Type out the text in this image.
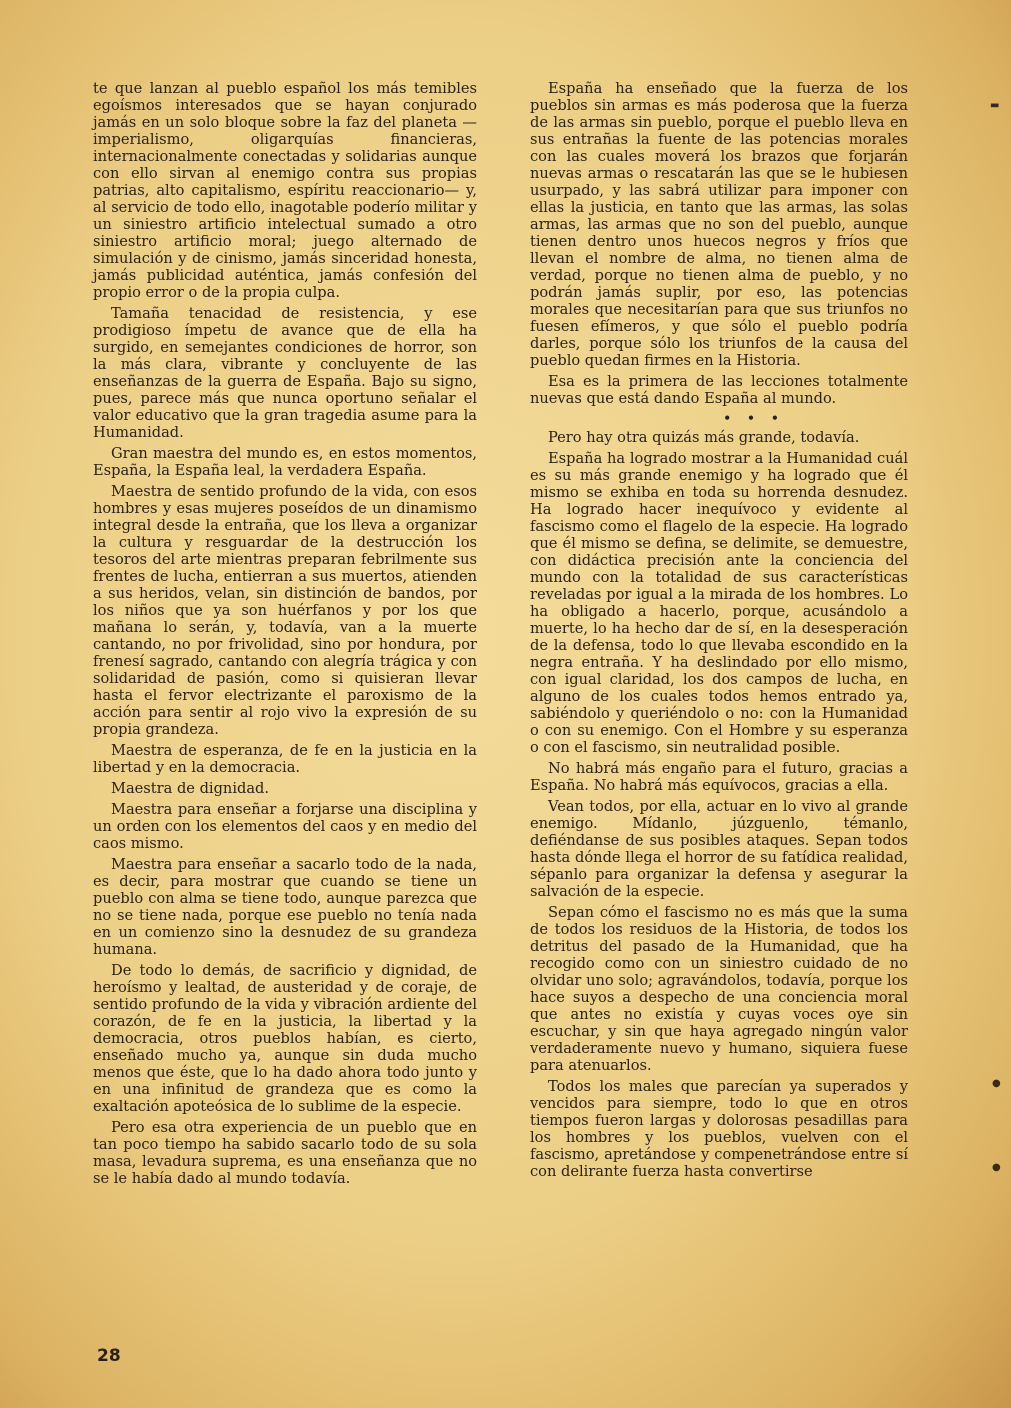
te que lanzan al pueblo español los más temibles egoísmos interesados que se hayan conjurado jamás en un solo bloque sobre la faz del planeta —imperialismo, oligarquías financieras, internacionalmente conectadas y solidarias aunque con ello sirvan al enemigo contra sus propias patrias, alto capitalismo, espíritu reaccionario— y, al servicio de todo ello, inagotable poderío militar y un siniestro artificio intelectual sumado a otro siniestro artificio moral; juego alternado de simulación y de cinismo, jamás sinceridad honesta, jamás publicidad auténtica, jamás confesión del propio error o de la propia culpa.

Tamaña tenacidad de resistencia, y ese prodigioso ímpetu de avance que de ella ha surgido, en semejantes condiciones de horror, son la más clara, vibrante y concluyente de las enseñanzas de la guerra de España. Bajo su signo, pues, parece más que nunca oportuno señalar el valor educativo que la gran tragedia asume para la Humanidad.

Gran maestra del mundo es, en estos momentos, España, la España leal, la verdadera España.

Maestra de sentido profundo de la vida, con esos hombres y esas mujeres poseídos de un dinamismo integral desde la entraña, que los lleva a organizar la cultura y resguardar de la destrucción los tesoros del arte mientras preparan febrilmente sus frentes de lucha, entierran a sus muertos, atienden a sus heridos, velan, sin distinción de bandos, por los niños que ya son huérfanos y por los que mañana lo serán, y, todavía, van a la muerte cantando, no por frivolidad, sino por hondura, por frenesí sagrado, cantando con alegría trágica y con solidaridad de pasión, como si quisieran llevar hasta el fervor electrizante el paroxismo de la acción para sentir al rojo vivo la expresión de su propia grandeza.

Maestra de esperanza, de fe en la justicia en la libertad y en la democracia.

Maestra de dignidad.

Maestra para enseñar a forjarse una disciplina y un orden con los elementos del caos y en medio del caos mismo.

Maestra para enseñar a sacarlo todo de la nada, es decir, para mostrar que cuando se tiene un pueblo con alma se tiene todo, aunque parezca que no se tiene nada, porque ese pueblo no tenía nada en un comienzo sino la desnudez de su grandeza humana.

De todo lo demás, de sacrificio y dignidad, de heroísmo y lealtad, de austeridad y de coraje, de sentido profundo de la vida y vibración ardiente del corazón, de fe en la justicia, la libertad y la democracia, otros pueblos habían, es cierto, enseñado mucho ya, aunque sin duda mucho menos que éste, que lo ha dado ahora todo junto y en una infinitud de grandeza que es como la exaltación apoteósica de lo sublime de la especie.

Pero esa otra experiencia de un pueblo que en tan poco tiempo ha sabido sacarlo todo de su sola masa, levadura suprema, es una enseñanza que no se le había dado al mundo todavía.

España ha enseñado que la fuerza de los pueblos sin armas es más poderosa que la fuerza de las armas sin pueblo, porque el pueblo lleva en sus entrañas la fuente de las potencias morales con las cuales moverá los brazos que forjarán nuevas armas o rescatarán las que se le hubiesen usurpado, y las sabrá utilizar para imponer con ellas la justicia, en tanto que las armas, las solas armas, las armas que no son del pueblo, aunque tienen dentro unos huecos negros y fríos que llevan el nombre de alma, no tienen alma de verdad, porque no tienen alma de pueblo, y no podrán jamás suplir, por eso, las potencias morales que necesitarían para que sus triunfos no fuesen efímeros, y que sólo el pueblo podría darles, porque sólo los triunfos de la causa del pueblo quedan firmes en la Historia.

Esa es la primera de las lecciones totalmente nuevas que está dando España al mundo.

• • •

Pero hay otra quizás más grande, todavía.

España ha logrado mostrar a la Humanidad cuál es su más grande enemigo y ha logrado que él mismo se exhiba en toda su horrenda desnudez. Ha logrado hacer inequívoco y evidente al fascismo como el flagelo de la especie. Ha logrado que él mismo se defina, se delimite, se demuestre, con didáctica precisión ante la conciencia del mundo con la totalidad de sus características reveladas por igual a la mirada de los hombres. Lo ha obligado a hacerlo, porque, acusándolo a muerte, lo ha hecho dar de sí, en la desesperación de la defensa, todo lo que llevaba escondido en la negra entraña. Y ha deslindado por ello mismo, con igual claridad, los dos campos de lucha, en alguno de los cuales todos hemos entrado ya, sabiéndolo y queriéndolo o no: con la Humanidad o con su enemigo. Con el Hombre y su esperanza o con el fascismo, sin neutralidad posible.

No habrá más engaño para el futuro, gracias a España. No habrá más equívocos, gracias a ella.

Vean todos, por ella, actuar en lo vivo al grande enemigo. Mídanlo, júzguenlo, témanlo, defiéndanse de sus posibles ataques. Sepan todos hasta dónde llega el horror de su fatídica realidad, sépanlo para organizar la defensa y asegurar la salvación de la especie.

Sepan cómo el fascismo no es más que la suma de todos los residuos de la Historia, de todos los detritus del pasado de la Humanidad, que ha recogido como con un siniestro cuidado de no olvidar uno solo; agravándolos, todavía, porque los hace suyos a despecho de una conciencia moral que antes no existía y cuyas voces oye sin escuchar, y sin que haya agregado ningún valor verdaderamente nuevo y humano, siquiera fuese para atenuarlos.

Todos los males que parecían ya superados y vencidos para siempre, todo lo que en otros tiempos fueron largas y dolorosas pesadillas para los hombres y los pueblos, vuelven con el fascismo, apretándose y compenetrándose entre sí con delirante fuerza hasta convertirse

28
▬
●
●
